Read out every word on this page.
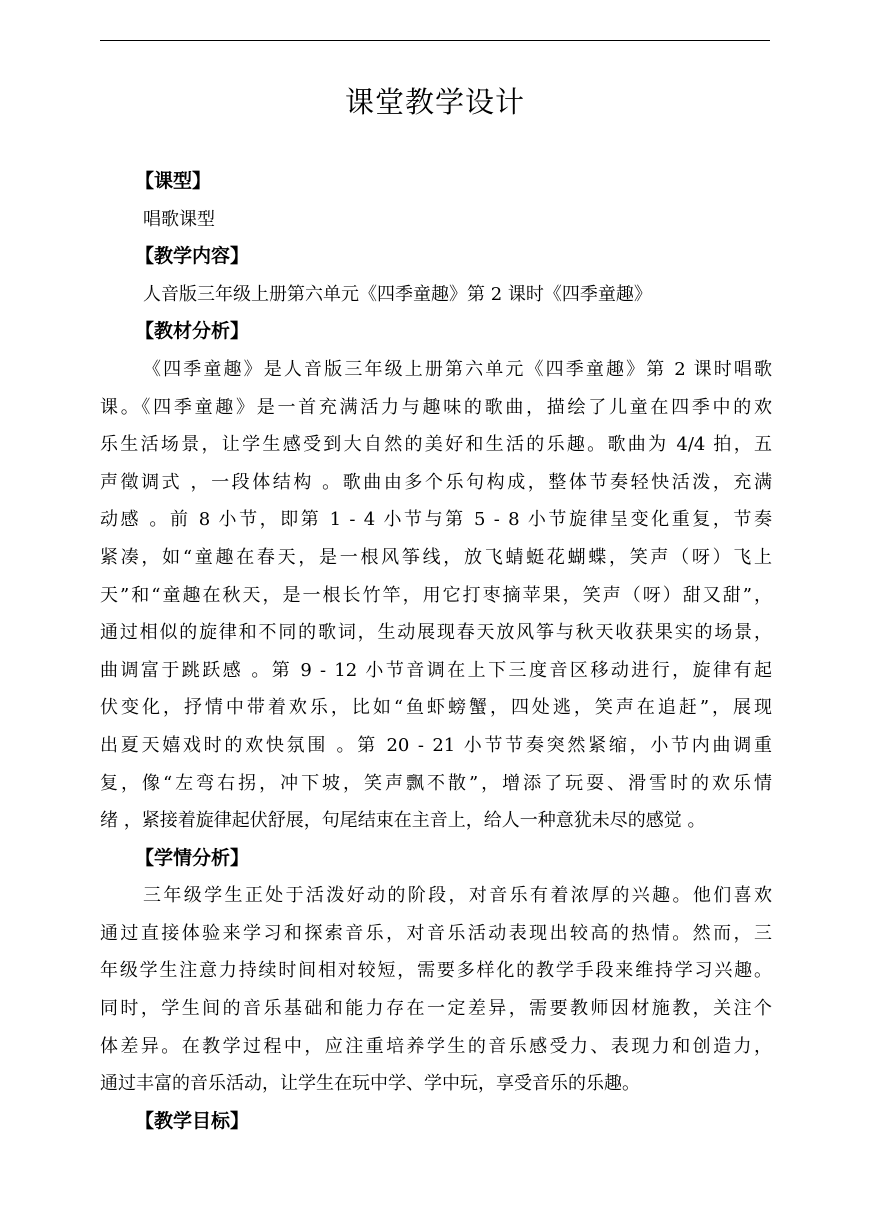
课堂教学设计
【课型】
唱歌课型
【教学内容】
人音版三年级上册第六单元《四季童趣》第 2 课时《四季童趣》
【教材分析】
《四季童趣》是人音版三年级上册第六单元《四季童趣》第 2 课时唱歌
课。《四季童趣》是一首充满活力与趣味的歌曲，描绘了儿童在四季中的欢
乐生活场景，让学生感受到大自然的美好和生活的乐趣。歌曲为 4/4 拍，五
声徵调式 ，一段体结构 。歌曲由多个乐句构成，整体节奏轻快活泼，充满
动感 。前 8 小节，即第 1 - 4 小节与第 5 - 8 小节旋律呈变化重复，节奏
紧凑，如“童趣在春天，是一根风筝线，放飞蜻蜓花蝴蝶，笑声（呀）飞上
天”和“童趣在秋天，是一根长竹竿，用它打枣摘苹果，笑声（呀）甜又甜”，
通过相似的旋律和不同的歌词，生动展现春天放风筝与秋天收获果实的场景，
曲调富于跳跃感 。第 9 - 12 小节音调在上下三度音区移动进行，旋律有起
伏变化，抒情中带着欢乐，比如“鱼虾螃蟹，四处逃，笑声在追赶”，展现
出夏天嬉戏时的欢快氛围 。第 20 - 21 小节节奏突然紧缩，小节内曲调重
复，像“左弯右拐，冲下坡，笑声飘不散”，增添了玩耍、滑雪时的欢乐情
绪 ，紧接着旋律起伏舒展，句尾结束在主音上，给人一种意犹未尽的感觉 。
【学情分析】
三年级学生正处于活泼好动的阶段，对音乐有着浓厚的兴趣。他们喜欢
通过直接体验来学习和探索音乐，对音乐活动表现出较高的热情。然而，三
年级学生注意力持续时间相对较短，需要多样化的教学手段来维持学习兴趣。
同时，学生间的音乐基础和能力存在一定差异，需要教师因材施教，关注个
体差异。在教学过程中，应注重培养学生的音乐感受力、表现力和创造力，
通过丰富的音乐活动，让学生在玩中学、学中玩，享受音乐的乐趣。
【教学目标】
